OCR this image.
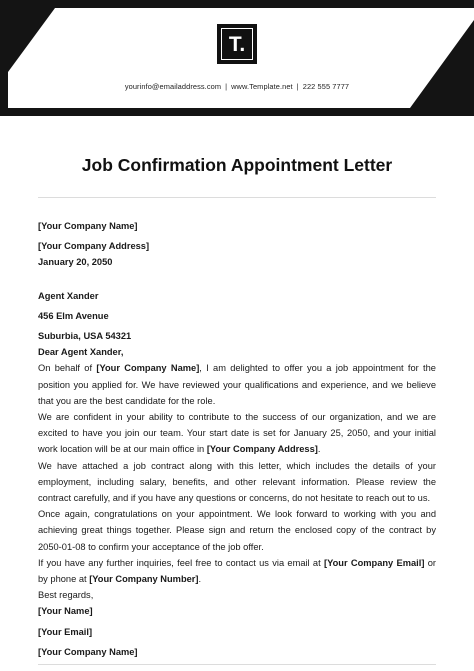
T.
yourinfo@emailaddress.com | www.Template.net | 222 555 7777
Job Confirmation Appointment Letter

[Your Company Name]

[Your Company Address]

January 20, 2050

Agent Xander

456 Elm Avenue

Suburbia, USA 54321

Dear Agent Xander,

On behalf of [Your Company Name], I am delighted to offer you a job appointment for the position you applied for. We have reviewed your qualifications and experience, and we believe that you are the best candidate for the role.

We are confident in your ability to contribute to the success of our organization, and we are excited to have you join our team. Your start date is set for January 25, 2050, and your initial work location will be at our main office in [Your Company Address].

We have attached a job contract along with this letter, which includes the details of your employment, including salary, benefits, and other relevant information. Please review the contract carefully, and if you have any questions or concerns, do not hesitate to reach out to us.

Once again, congratulations on your appointment. We look forward to working with you and achieving great things together. Please sign and return the enclosed copy of the contract by 2050-01-08 to confirm your acceptance of the job offer.

If you have any further inquiries, feel free to contact us via email at [Your Company Email] or by phone at [Your Company Number].

Best regards,

[Your Name]

[Your Email]

[Your Company Name]
